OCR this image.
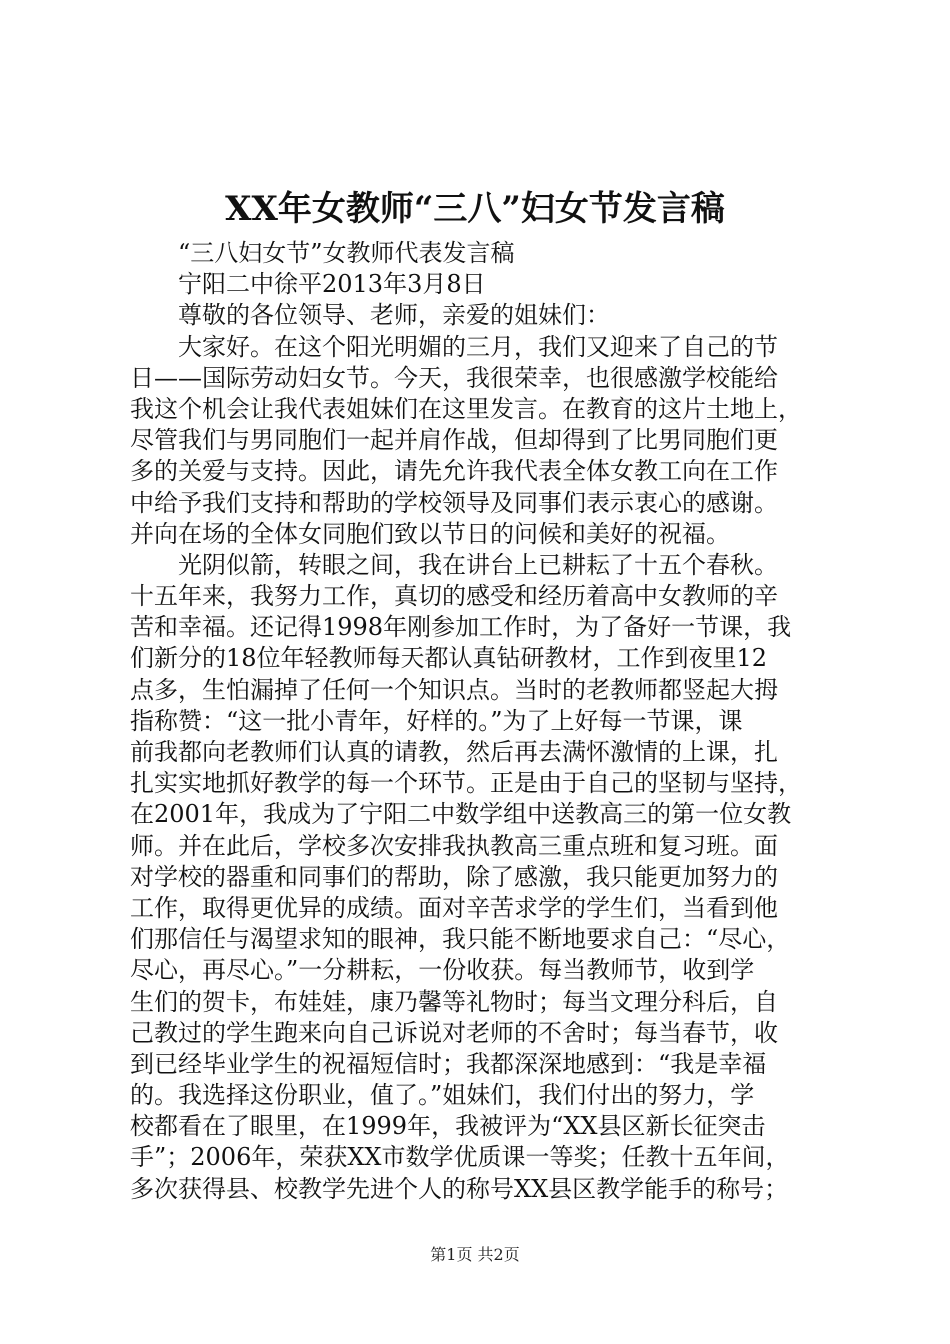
XX年女教师“三八”妇女节发言稿
“三八妇女节”女教师代表发言稿
宁阳二中徐平2013年3月8日
尊敬的各位领导、老师，亲爱的姐妹们：
大家好。在这个阳光明媚的三月，我们又迎来了自己的节
日——国际劳动妇女节。今天，我很荣幸，也很感激学校能给
我这个机会让我代表姐妹们在这里发言。在教育的这片土地上，
尽管我们与男同胞们一起并肩作战，但却得到了比男同胞们更
多的关爱与支持。因此，请先允许我代表全体女教工向在工作
中给予我们支持和帮助的学校领导及同事们表示衷心的感谢。
并向在场的全体女同胞们致以节日的问候和美好的祝福。
光阴似箭，转眼之间，我在讲台上已耕耘了十五个春秋。
十五年来，我努力工作，真切的感受和经历着高中女教师的辛
苦和幸福。还记得1998年刚参加工作时，为了备好一节课，我
们新分的18位年轻教师每天都认真钻研教材，工作到夜里12
点多，生怕漏掉了任何一个知识点。当时的老教师都竖起大拇
指称赞：“这一批小青年，好样的。”为了上好每一节课，课
前我都向老教师们认真的请教，然后再去满怀激情的上课，扎
扎实实地抓好教学的每一个环节。正是由于自己的坚韧与坚持，
在2001年，我成为了宁阳二中数学组中送教高三的第一位女教
师。并在此后，学校多次安排我执教高三重点班和复习班。面
对学校的器重和同事们的帮助，除了感激，我只能更加努力的
工作，取得更优异的成绩。面对辛苦求学的学生们，当看到他
们那信任与渴望求知的眼神，我只能不断地要求自己：“尽心，
尽心，再尽心。”一分耕耘，一份收获。每当教师节，收到学
生们的贺卡，布娃娃，康乃馨等礼物时；每当文理分科后，自
己教过的学生跑来向自己诉说对老师的不舍时；每当春节，收
到已经毕业学生的祝福短信时；我都深深地感到：“我是幸福
的。我选择这份职业，值了。”姐妹们，我们付出的努力，学
校都看在了眼里，在1999年，我被评为“XX县区新长征突击
手”；2006年，荣获XX市数学优质课一等奖；任教十五年间，
多次获得县、校教学先进个人的称号XX县区教学能手的称号；
第1页 共2页
